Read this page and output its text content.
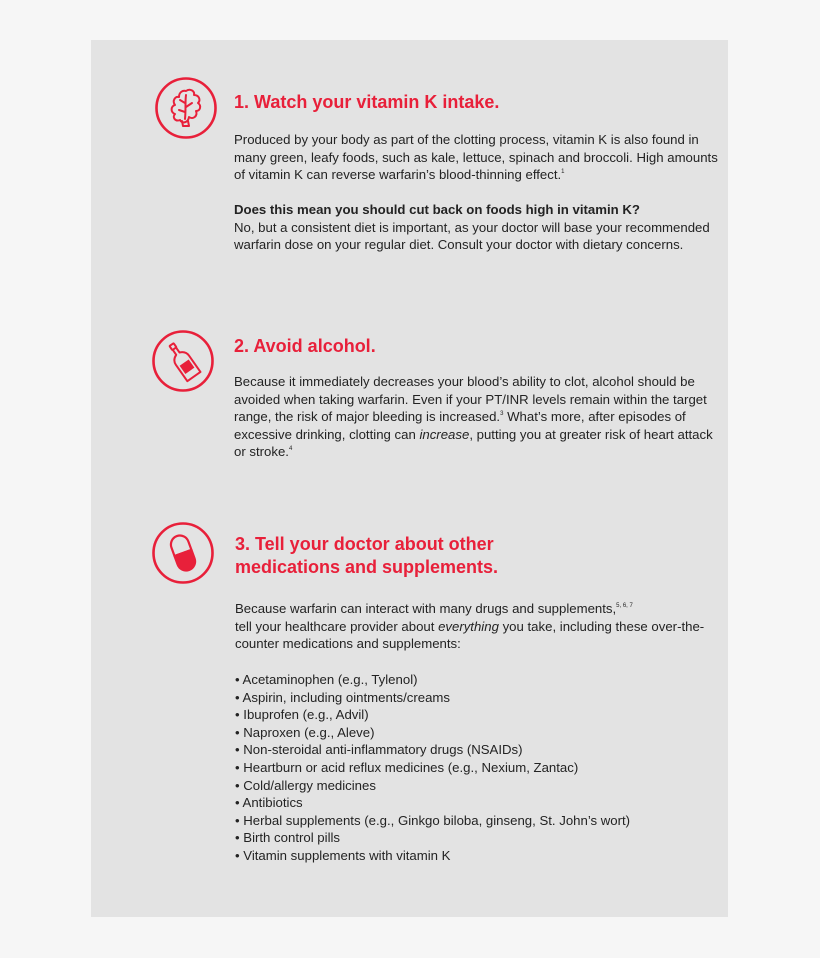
1. Watch your vitamin K intake.

Produced by your body as part of the clotting process, vitamin K is also found in many green, leafy foods, such as kale, lettuce, spinach and broccoli. High amounts of vitamin K can reverse warfarin’s blood-thinning effect.$^1$

Does this mean you should cut back on foods high in vitamin K?
No, but a consistent diet is important, as your doctor will base your recommended warfarin dose on your regular diet. Consult your doctor with dietary concerns.

2. Avoid alcohol.

Because it immediately decreases your blood’s ability to clot, alcohol should be avoided when taking warfarin. Even if your PT/INR levels remain within the target range, the risk of major bleeding is increased.$^3$ What’s more, after episodes of excessive drinking, clotting can increase, putting you at greater risk of heart attack or stroke.$^4$

3. Tell your doctor about other
medications and supplements.

Because warfarin can interact with many drugs and supplements,$^{5, 6, 7}$
tell your healthcare provider about everything you take, including these over-the-counter medications and supplements:

• Acetaminophen (e.g., Tylenol)
• Aspirin, including ointments/creams
• Ibuprofen (e.g., Advil)
• Naproxen (e.g., Aleve)
• Non-steroidal anti-inflammatory drugs (NSAIDs)
• Heartburn or acid reflux medicines (e.g., Nexium, Zantac)
• Cold/allergy medicines
• Antibiotics
• Herbal supplements (e.g., Ginkgo biloba, ginseng, St. John’s wort)
• Birth control pills
• Vitamin supplements with vitamin K
